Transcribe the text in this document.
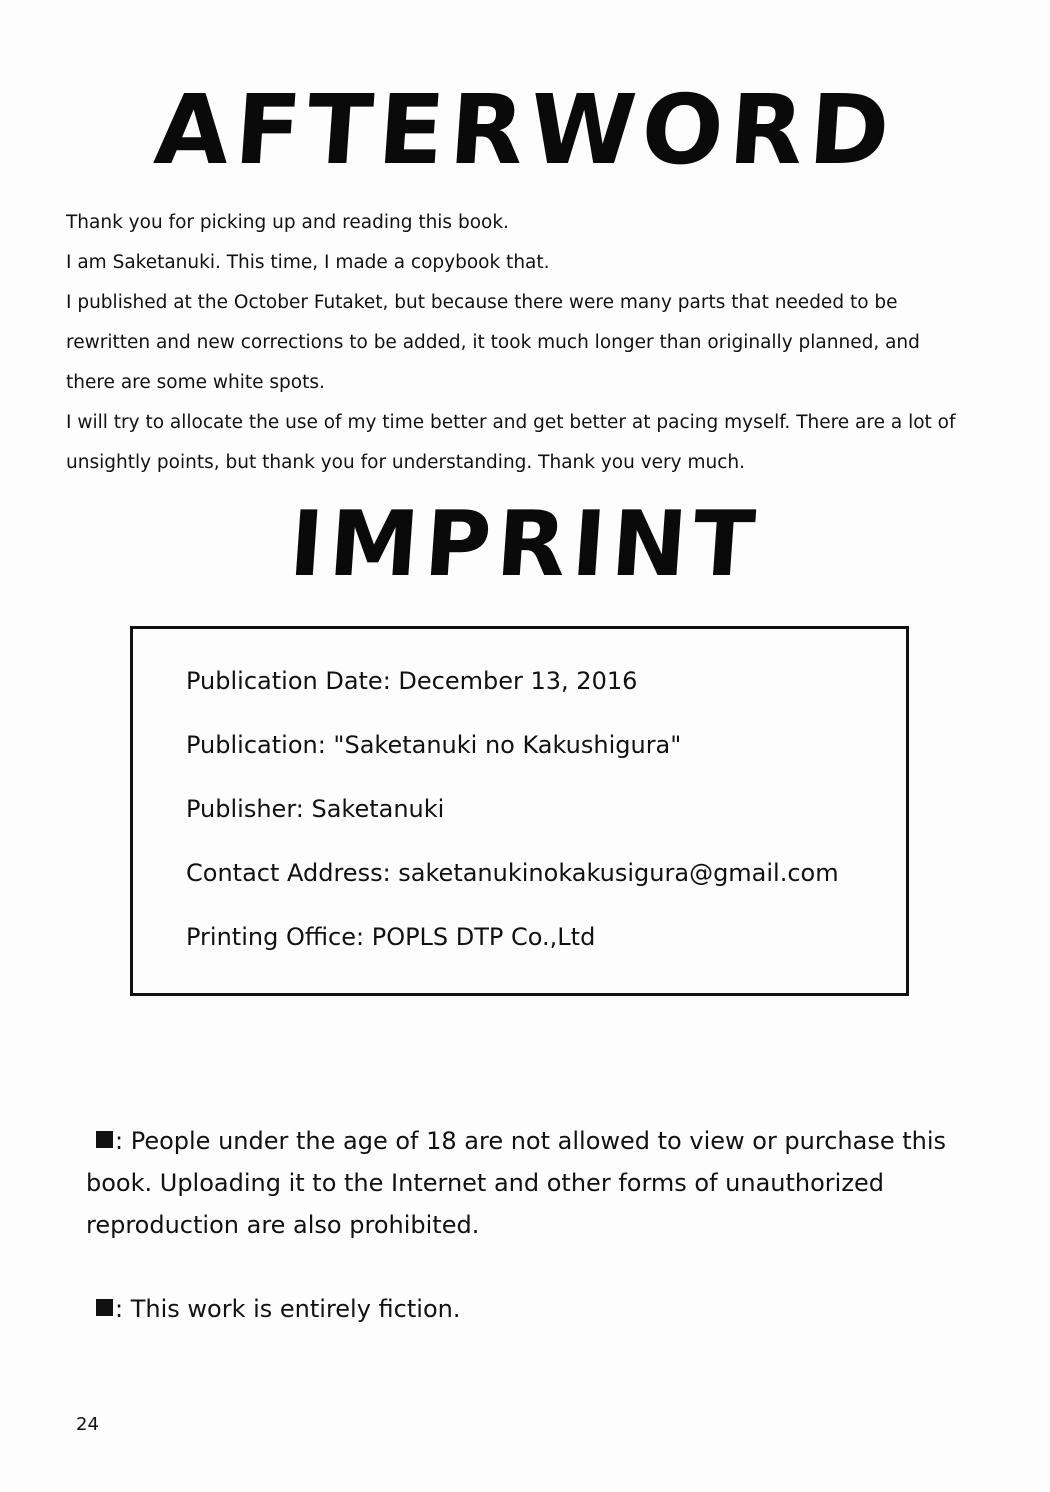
AFTERWORD

Thank you for picking up and reading this book.

I am Saketanuki. This time, I made a copybook that.

I published at the October Futaket, but because there were many parts that needed to be

rewritten and new corrections to be added, it took much longer than originally planned, and

there are some white spots.

I will try to allocate the use of my time better and get better at pacing myself. There are a lot of

unsightly points, but thank you for understanding. Thank you very much.

IMPRINT
Publication Date: December 13, 2016
Publication: "Saketanuki no Kakushigura"
Publisher: Saketanuki
Contact Address: saketanukinokakusigura@gmail.com
Printing Office: POPLS DTP Co.,Ltd
: People under the age of 18 are not allowed to view or purchase this book. Uploading it to the Internet and other forms of unauthorized reproduction are also prohibited.
: This work is entirely fiction.
24
